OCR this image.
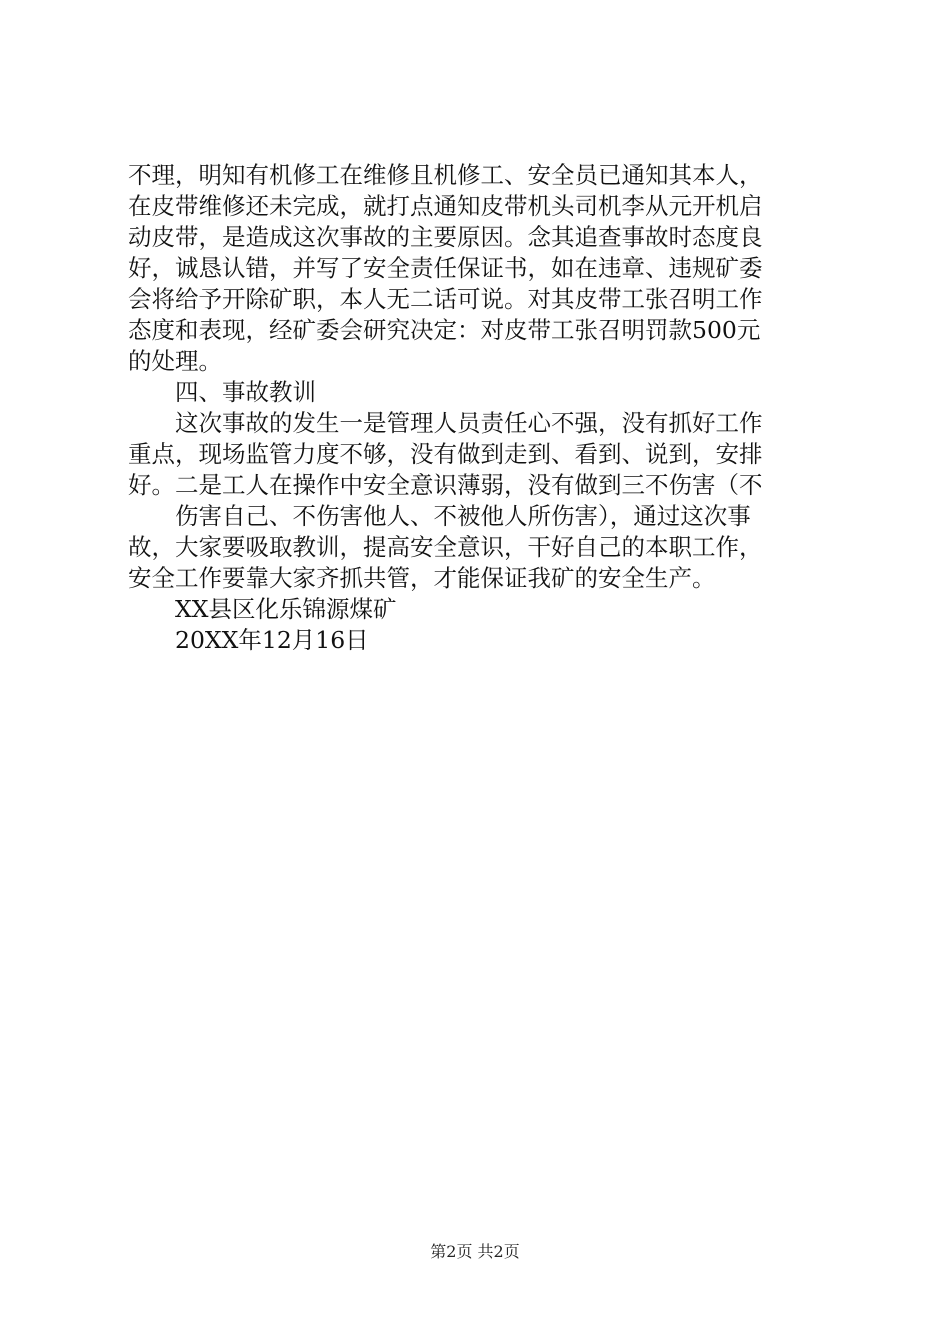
不理，明知有机修工在维修且机修工、安全员已通知其本人，
在皮带维修还未完成，就打点通知皮带机头司机李从元开机启
动皮带，是造成这次事故的主要原因。念其追查事故时态度良
好，诚恳认错，并写了安全责任保证书，如在违章、违规矿委
会将给予开除矿职，本人无二话可说。对其皮带工张召明工作
态度和表现，经矿委会研究决定：对皮带工张召明罚款500元
的处理。
四、事故教训
这次事故的发生一是管理人员责任心不强，没有抓好工作
重点，现场监管力度不够，没有做到走到、看到、说到，安排
好。二是工人在操作中安全意识薄弱，没有做到三不伤害（不
伤害自己、不伤害他人、不被他人所伤害），通过这次事
故，大家要吸取教训，提高安全意识，干好自己的本职工作，
安全工作要靠大家齐抓共管，才能保证我矿的安全生产。
XX县区化乐锦源煤矿
20XX年12月16日
第2页 共2页
